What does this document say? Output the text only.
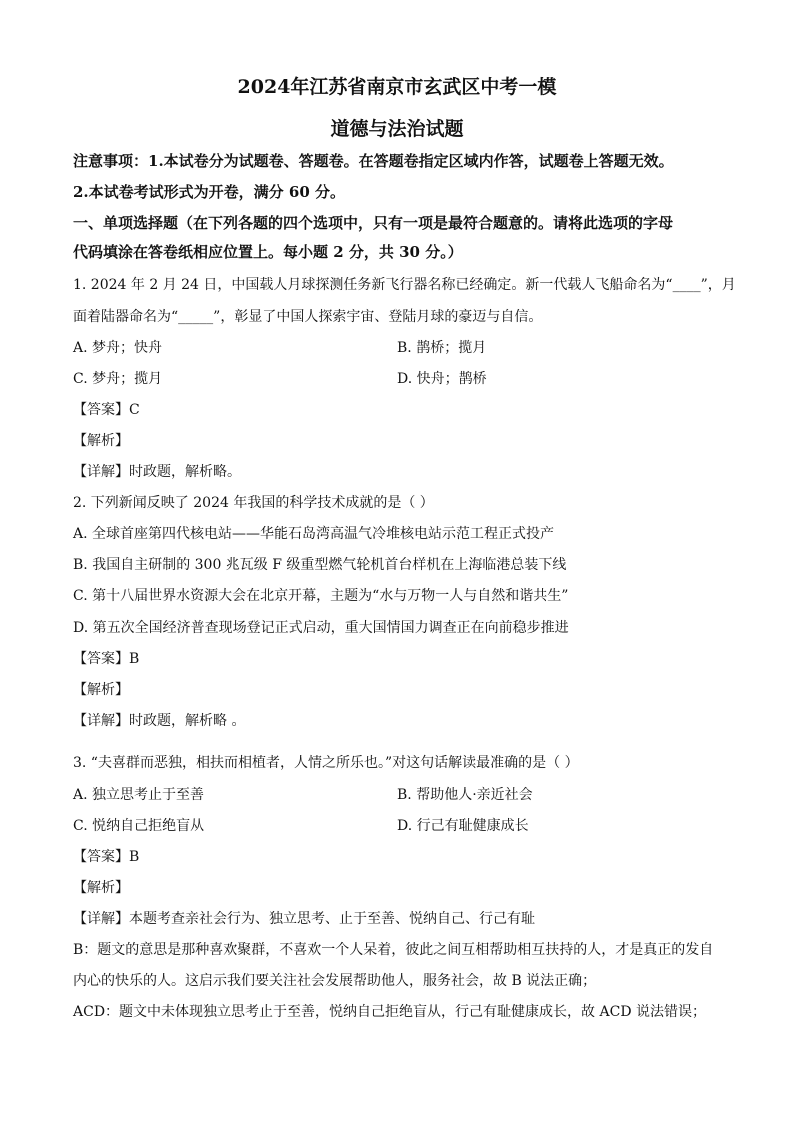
2024年江苏省南京市玄武区中考一模
道德与法治试题
注意事项：1.本试卷分为试题卷、答题卷。在答题卷指定区域内作答，试题卷上答题无效。
2.本试卷考试形式为开卷，满分 60 分。
一、单项选择题（在下列各题的四个选项中，只有一项是最符合题意的。请将此选项的字母
代码填涂在答卷纸相应位置上。每小题 2 分，共 30 分。）
1. 2024 年 2 月 24 日，中国载人月球探测任务新飞行器名称已经确定。新一代载人飞船命名为“____”，月
面着陆器命名为“_____”，彰显了中国人探索宇宙、登陆月球的豪迈与自信。
A. 梦舟；快舟	B. 鹊桥；揽月
C. 梦舟；揽月	D. 快舟；鹊桥
【答案】C
【解析】
【详解】时政题，解析略。
2. 下列新闻反映了 2024 年我国的科学技术成就的是（ ）
A. 全球首座第四代核电站——华能石岛湾高温气冷堆核电站示范工程正式投产
B. 我国自主研制的 300 兆瓦级 F 级重型燃气轮机首台样机在上海临港总装下线
C. 第十八届世界水资源大会在北京开幕，主题为“水与万物一人与自然和谐共生”
D. 第五次全国经济普查现场登记正式启动，重大国情国力调查正在向前稳步推进
【答案】B
【解析】
【详解】时政题，解析略 。
3. “夫喜群而恶独，相扶而相植者，人情之所乐也。”对这句话解读最准确的是（ ）
A. 独立思考止于至善	B. 帮助他人·亲近社会
C. 悦纳自己拒绝盲从	D. 行己有耻健康成长
【答案】B
【解析】
【详解】本题考查亲社会行为、独立思考、止于至善、悦纳自己、行己有耻
B：题文的意思是那种喜欢聚群，不喜欢一个人呆着，彼此之间互相帮助相互扶持的人，才是真正的发自
内心的快乐的人。这启示我们要关注社会发展帮助他人，服务社会，故 B 说法正确；
ACD：题文中未体现独立思考止于至善，悦纳自己拒绝盲从，行己有耻健康成长，故 ACD 说法错误；
